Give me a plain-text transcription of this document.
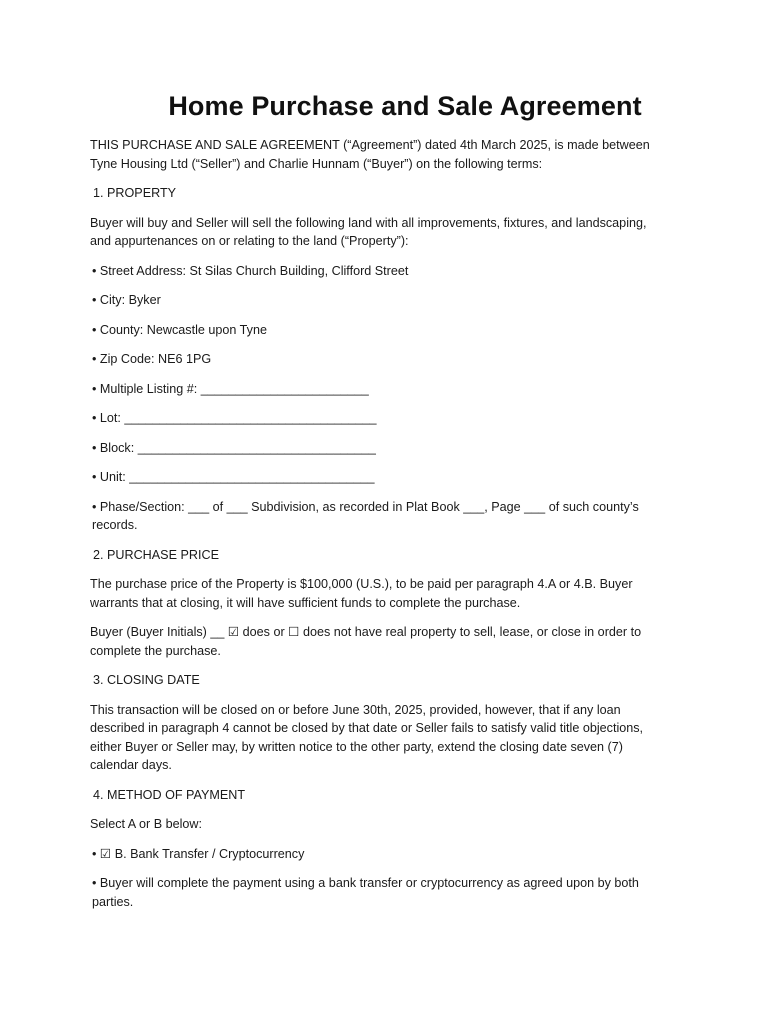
Home Purchase and Sale Agreement

THIS PURCHASE AND SALE AGREEMENT (“Agreement”) dated 4th March 2025, is made between Tyne Housing Ltd (“Seller”) and Charlie Hunnam (“Buyer”) on the following terms:

1. PROPERTY

Buyer will buy and Seller will sell the following land with all improvements, fixtures, and landscaping, and appurtenances on or relating to the land (“Property”):

• Street Address: St Silas Church Building, Clifford Street

• City: Byker

• County: Newcastle upon Tyne

• Zip Code: NE6 1PG

• Multiple Listing #: ________________________

• Lot: ____________________________________

• Block: __________________________________

• Unit: ___________________________________

• Phase/Section: ___ of ___ Subdivision, as recorded in Plat Book ___, Page ___ of such county’s records.

2. PURCHASE PRICE

The purchase price of the Property is $100,000 (U.S.), to be paid per paragraph 4.A or 4.B. Buyer warrants that at closing, it will have sufficient funds to complete the purchase.

Buyer (Buyer Initials) __ ☑ does or ☐ does not have real property to sell, lease, or close in order to complete the purchase.

3. CLOSING DATE

This transaction will be closed on or before June 30th, 2025, provided, however, that if any loan described in paragraph 4 cannot be closed by that date or Seller fails to satisfy valid title objections, either Buyer or Seller may, by written notice to the other party, extend the closing date seven (7) calendar days.

4. METHOD OF PAYMENT

Select A or B below:

• ☑ B. Bank Transfer / Cryptocurrency

• Buyer will complete the payment using a bank transfer or cryptocurrency as agreed upon by both parties.
